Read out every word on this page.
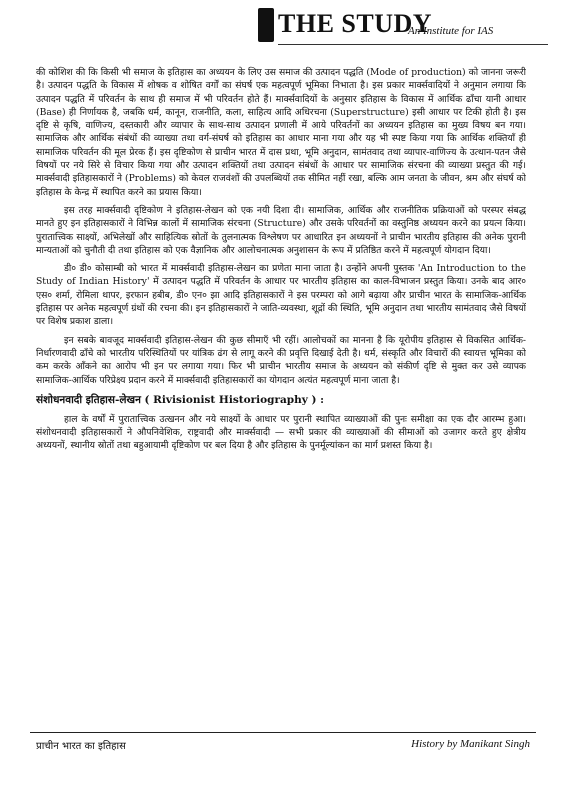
THE STUDY
An Institute for IAS

की कोशिश की कि किसी भी समाज के इतिहास का अध्ययन के लिए उस समाज की उत्पादन पद्धति (Mode of production) को जानना जरूरी है। उत्पादन पद्धति के विकास में शोषक व शोषित वर्गों का संघर्ष एक महत्वपूर्ण भूमिका निभाता है। इस प्रकार मार्क्सवादियों ने अनुमान लगाया कि उत्पादन पद्धति में परिवर्तन के साथ ही समाज में भी परिवर्तन होते हैं। मार्क्सवादियों के अनुसार इतिहास के विकास में आर्थिक ढाँचा यानी आधार (Base) ही निर्णायक है, जबकि धर्म, कानून, राजनीति, कला, साहित्य आदि अधिरचना (Superstructure) इसी आधार पर टिकी होती है। इस दृष्टि से कृषि, वाणिज्य, दस्तकारी और व्यापार के साथ-साथ उत्पादन प्रणाली में आये परिवर्तनों का अध्ययन इतिहास का मुख्य विषय बन गया। सामाजिक और आर्थिक संबंधों की व्याख्या तथा वर्ग-संघर्ष को इतिहास का आधार माना गया और यह भी स्पष्ट किया गया कि आर्थिक शक्तियाँ ही सामाजिक परिवर्तन की मूल प्रेरक हैं। इस दृष्टिकोण से प्राचीन भारत में दास प्रथा, भूमि अनुदान, सामंतवाद तथा व्यापार-वाणिज्य के उत्थान-पतन जैसे विषयों पर नये सिरे से विचार किया गया और उत्पादन शक्तियों तथा उत्पादन संबंधों के आधार पर सामाजिक संरचना की व्याख्या प्रस्तुत की गई। मार्क्सवादी इतिहासकारों ने (Problems) को केवल राजवंशों की उपलब्धियों तक सीमित नहीं रखा, बल्कि आम जनता के जीवन, श्रम और संघर्ष को इतिहास के केन्द्र में स्थापित करने का प्रयास किया।

इस तरह मार्क्सवादी दृष्टिकोण ने इतिहास-लेखन को एक नयी दिशा दी। सामाजिक, आर्थिक और राजनीतिक प्रक्रियाओं को परस्पर संबद्ध मानते हुए इन इतिहासकारों ने विभिन्न कालों में सामाजिक संरचना (Structure) और उसके परिवर्तनों का वस्तुनिष्ठ अध्ययन करने का प्रयत्न किया। पुरातात्त्विक साक्ष्यों, अभिलेखों और साहित्यिक स्रोतों के तुलनात्मक विश्लेषण पर आधारित इन अध्ययनों ने प्राचीन भारतीय इतिहास की अनेक पुरानी मान्यताओं को चुनौती दी तथा इतिहास को एक वैज्ञानिक और आलोचनात्मक अनुशासन के रूप में प्रतिष्ठित करने में महत्वपूर्ण योगदान दिया।

डी० डी० कोसाम्बी को भारत में मार्क्सवादी इतिहास-लेखन का प्रणेता माना जाता है। उन्होंने अपनी पुस्तक 'An Introduction to the Study of Indian History' में उत्पादन पद्धति में परिवर्तन के आधार पर भारतीय इतिहास का काल-विभाजन प्रस्तुत किया। उनके बाद आर० एस० शर्मा, रोमिला थापर, इरफान हबीब, डी० एन० झा आदि इतिहासकारों ने इस परम्परा को आगे बढ़ाया और प्राचीन भारत के सामाजिक-आर्थिक इतिहास पर अनेक महत्वपूर्ण ग्रंथों की रचना की। इन इतिहासकारों ने जाति-व्यवस्था, शूद्रों की स्थिति, भूमि अनुदान तथा भारतीय सामंतवाद जैसे विषयों पर विशेष प्रकाश डाला।

इन सबके बावजूद मार्क्सवादी इतिहास-लेखन की कुछ सीमाएँ भी रहीं। आलोचकों का मानना है कि यूरोपीय इतिहास से विकसित आर्थिक-निर्धारणवादी ढाँचे को भारतीय परिस्थितियों पर यांत्रिक ढंग से लागू करने की प्रवृत्ति दिखाई देती है। धर्म, संस्कृति और विचारों की स्वायत्त भूमिका को कम करके आँकने का आरोप भी इन पर लगाया गया। फिर भी प्राचीन भारतीय समाज के अध्ययन को संकीर्ण दृष्टि से मुक्त कर उसे व्यापक सामाजिक-आर्थिक परिप्रेक्ष्य प्रदान करने में मार्क्सवादी इतिहासकारों का योगदान अत्यंत महत्वपूर्ण माना जाता है।

संशोधनवादी इतिहास-लेखन ( Rivisionist Historiography ) :

हाल के वर्षों में पुरातात्त्विक उत्खनन और नये साक्ष्यों के आधार पर पुरानी स्थापित व्याख्याओं की पुनः समीक्षा का एक दौर आरम्भ हुआ। संशोधनवादी इतिहासकारों ने औपनिवेशिक, राष्ट्रवादी और मार्क्सवादी — सभी प्रकार की व्याख्याओं की सीमाओं को उजागर करते हुए क्षेत्रीय अध्ययनों, स्थानीय स्रोतों तथा बहुआयामी दृष्टिकोण पर बल दिया है और इतिहास के पुनर्मूल्यांकन का मार्ग प्रशस्त किया है।

प्राचीन भारत का इतिहास	History by Manikant Singh
